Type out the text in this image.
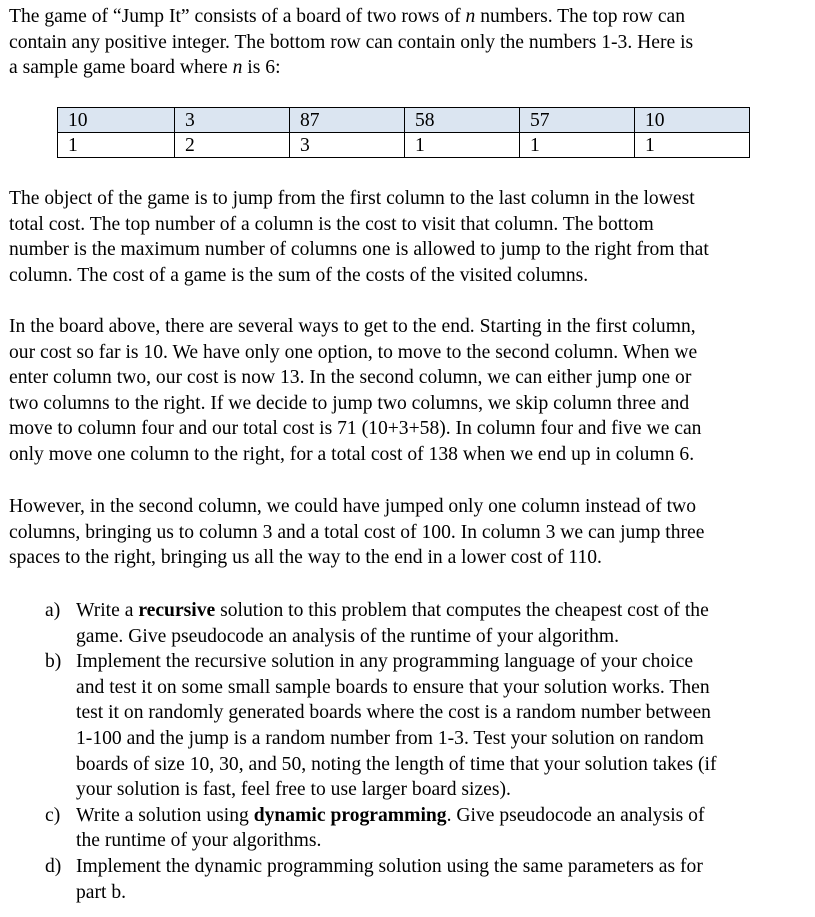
The game of “Jump It” consists of a board of two rows of n numbers. The top row can
contain any positive integer. The bottom row can contain only the numbers 1-3. Here is
a sample game board where n is 6:

10	3	87	58	57	10
1	2	3	1	1	1

The object of the game is to jump from the first column to the last column in the lowest
total cost. The top number of a column is the cost to visit that column. The bottom
number is the maximum number of columns one is allowed to jump to the right from that
column. The cost of a game is the sum of the costs of the visited columns.

In the board above, there are several ways to get to the end. Starting in the first column,
our cost so far is 10. We have only one option, to move to the second column. When we
enter column two, our cost is now 13. In the second column, we can either jump one or
two columns to the right. If we decide to jump two columns, we skip column three and
move to column four and our total cost is 71 (10+3+58). In column four and five we can
only move one column to the right, for a total cost of 138 when we end up in column 6.

However, in the second column, we could have jumped only one column instead of two
columns, bringing us to column 3 and a total cost of 100. In column 3 we can jump three
spaces to the right, bringing us all the way to the end in a lower cost of 110.

a) Write a recursive solution to this problem that computes the cheapest cost of the
game. Give pseudocode an analysis of the runtime of your algorithm.
b) Implement the recursive solution in any programming language of your choice
and test it on some small sample boards to ensure that your solution works. Then
test it on randomly generated boards where the cost is a random number between
1-100 and the jump is a random number from 1-3. Test your solution on random
boards of size 10, 30, and 50, noting the length of time that your solution takes (if
your solution is fast, feel free to use larger board sizes).
c) Write a solution using dynamic programming. Give pseudocode an analysis of
the runtime of your algorithms.
d) Implement the dynamic programming solution using the same parameters as for
part b.
